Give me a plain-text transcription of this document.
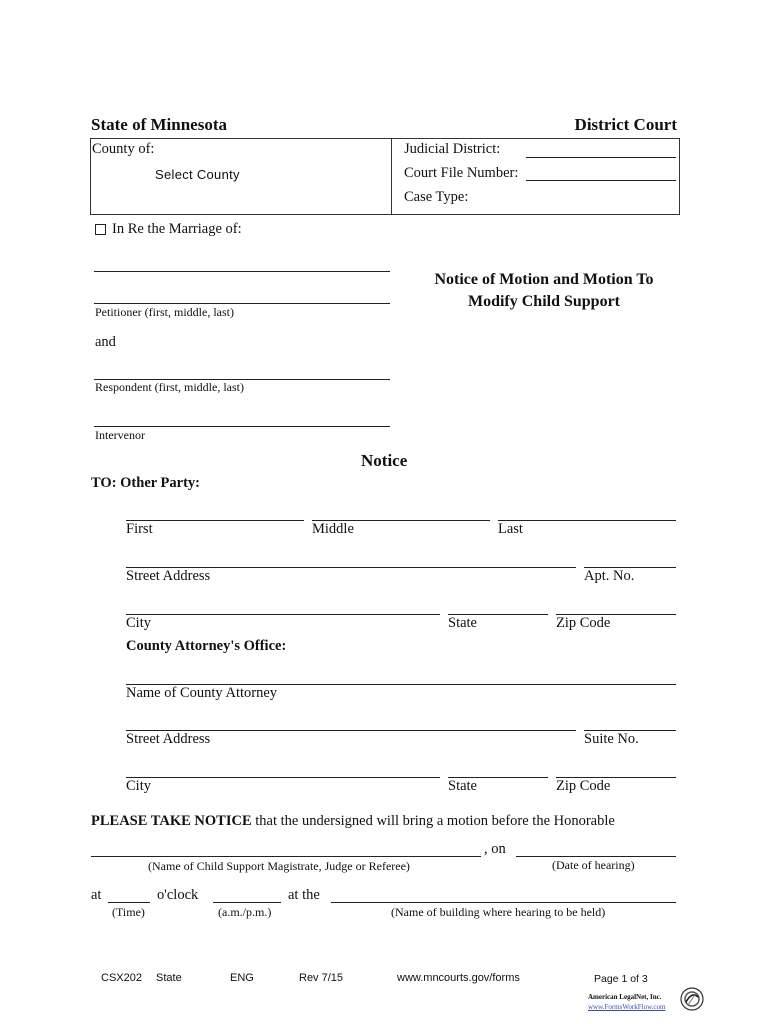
State of Minnesota	District Court
County of:
Select County
Judicial District:
Court File Number:
Case Type:
In Re the Marriage of:
Petitioner (first, middle, last)
and
Respondent (first, middle, last)
Intervenor
Notice of Motion and Motion To
Modify Child Support
Notice
TO: Other Party:
First	Middle	Last
Street Address	Apt. No.
City	State	Zip Code
County Attorney's Office:
Name of County Attorney
Street Address	Suite No.
City	State	Zip Code
PLEASE TAKE NOTICE that the undersigned will bring a motion before the Honorable
, on
(Name of Child Support Magistrate, Judge or Referee)	(Date of hearing)
at	o'clock	at the
(Time)	(a.m./p.m.)	(Name of building where hearing to be held)
CSX202 State	ENG	Rev 7/15	www.mncourts.gov/forms	Page 1 of 3
American LegalNet, Inc.
www.FormsWorkFlow.com
